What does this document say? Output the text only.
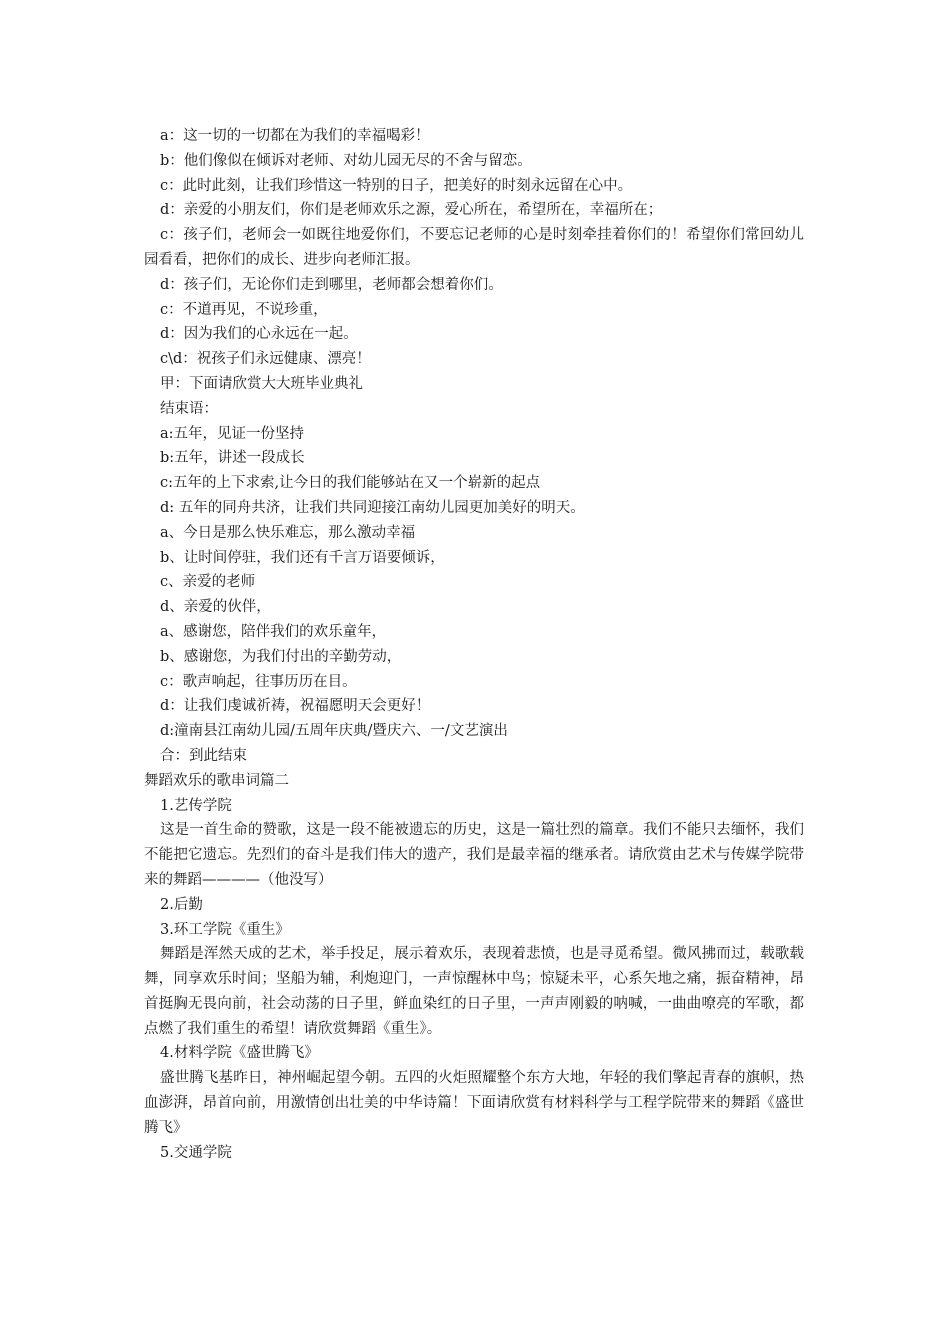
a：这一切的一切都在为我们的幸福喝彩！
b：他们像似在倾诉对老师、对幼儿园无尽的不舍与留恋。
c：此时此刻，让我们珍惜这一特别的日子，把美好的时刻永远留在心中。
d：亲爱的小朋友们，你们是老师欢乐之源，爱心所在，希望所在，幸福所在；
c：孩子们，老师会一如既往地爱你们，不要忘记老师的心是时刻牵挂着你们的！希望你们常回幼儿园看看，把你们的成长、进步向老师汇报。
d：孩子们，无论你们走到哪里，老师都会想着你们。
c：不道再见，不说珍重，
d：因为我们的心永远在一起。
c\d：祝孩子们永远健康、漂亮！
甲：下面请欣赏大大班毕业典礼
结束语：
a:五年，见证一份坚持
b:五年，讲述一段成长
c:五年的上下求索,让今日的我们能够站在又一个崭新的起点
d: 五年的同舟共济，让我们共同迎接江南幼儿园更加美好的明天。
a、今日是那么快乐难忘，那么激动幸福
b、让时间停驻，我们还有千言万语要倾诉，
c、亲爱的老师
d、亲爱的伙伴，
a、感谢您，陪伴我们的欢乐童年，
b、感谢您，为我们付出的辛勤劳动，
c：歌声响起，往事历历在目。
d：让我们虔诚祈祷，祝福愿明天会更好！
d:潼南县江南幼儿园/五周年庆典/暨庆六、一/文艺演出
合：到此结束
舞蹈欢乐的歌串词篇二
1.艺传学院
这是一首生命的赞歌，这是一段不能被遗忘的历史，这是一篇壮烈的篇章。我们不能只去缅怀，我们不能把它遗忘。先烈们的奋斗是我们伟大的遗产，我们是最幸福的继承者。请欣赏由艺术与传媒学院带来的舞蹈————（他没写）
2.后勤
3.环工学院《重生》
舞蹈是浑然天成的艺术，举手投足，展示着欢乐，表现着悲愤，也是寻觅希望。微风拂而过，载歌载舞，同享欢乐时间；坚船为辅，利炮迎门，一声惊醒林中鸟；惊疑未平，心系矢地之痛，振奋精神，昂首挺胸无畏向前，社会动荡的日子里，鲜血染红的日子里，一声声刚毅的呐喊，一曲曲嘹亮的军歌，都点燃了我们重生的希望！请欣赏舞蹈《重生》。
4.材料学院《盛世腾飞》
盛世腾飞基昨日，神州崛起望今朝。五四的火炬照耀整个东方大地，年轻的我们擎起青春的旗帜，热血澎湃，昂首向前，用激情创出壮美的中华诗篇！下面请欣赏有材料科学与工程学院带来的舞蹈《盛世腾飞》
5.交通学院
